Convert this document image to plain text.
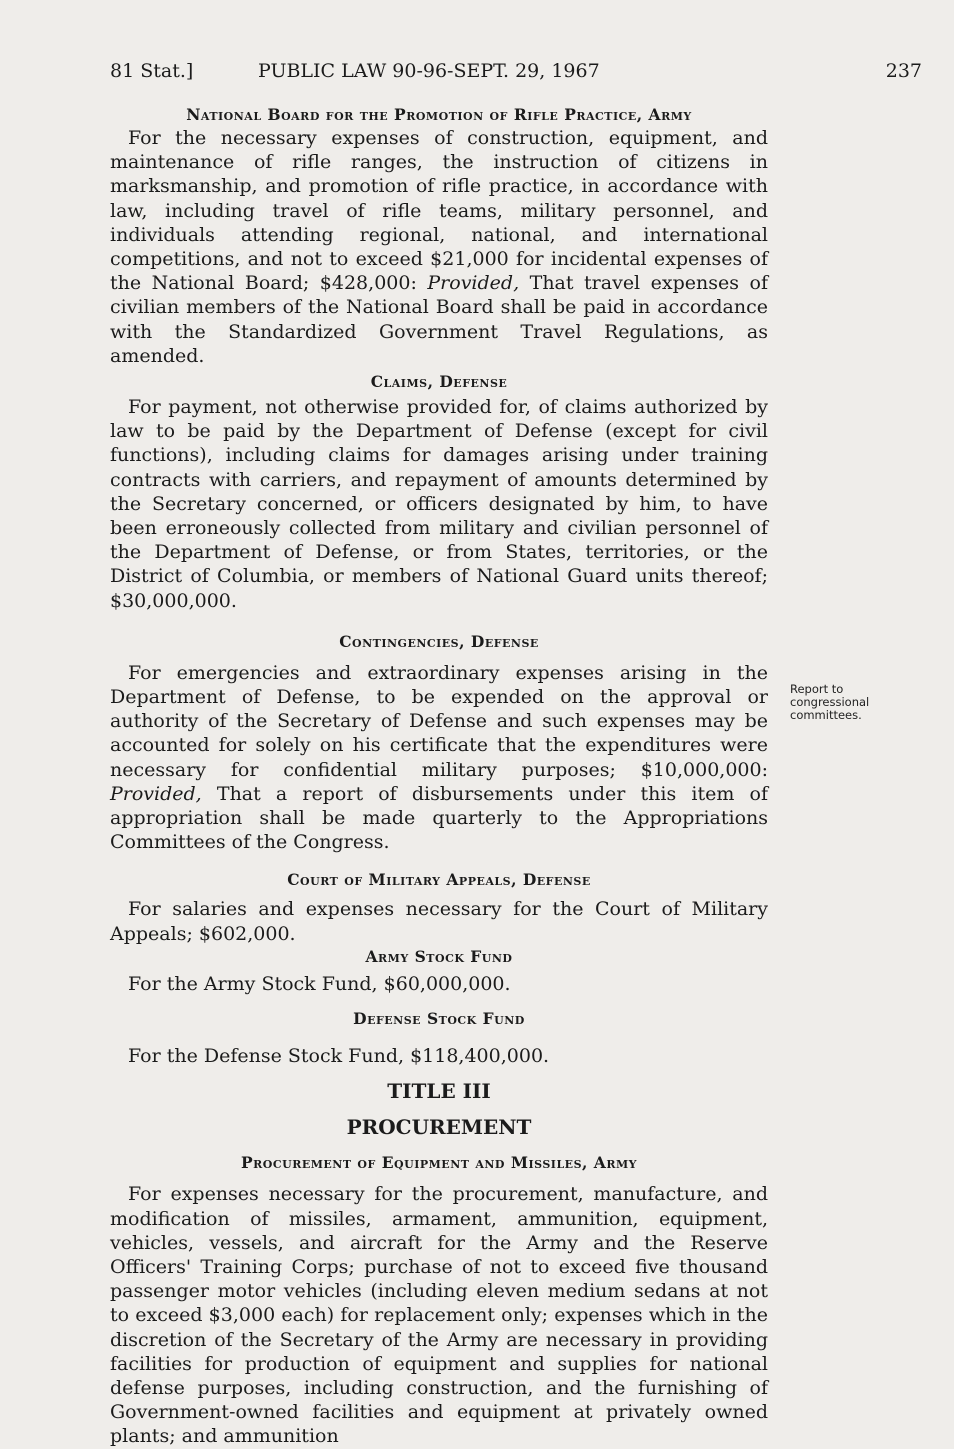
81 Stat.]	PUBLIC LAW 90-96-SEPT. 29, 1967	237
National Board for the Promotion of Rifle Practice, Army

For the necessary expenses of construction, equipment, and maintenance of rifle ranges, the instruction of citizens in marksmanship, and promotion of rifle practice, in accordance with law, including travel of rifle teams, military personnel, and individuals attending regional, national, and international competitions, and not to exceed $21,000 for incidental expenses of the National Board; $428,000: Provided, That travel expenses of civilian members of the National Board shall be paid in accordance with the Standardized Government Travel Regulations, as amended.

Claims, Defense

For payment, not otherwise provided for, of claims authorized by law to be paid by the Department of Defense (except for civil functions), including claims for damages arising under training contracts with carriers, and repayment of amounts determined by the Secretary concerned, or officers designated by him, to have been erroneously collected from military and civilian personnel of the Department of Defense, or from States, territories, or the District of Columbia, or members of National Guard units thereof; $30,000,000.

Contingencies, Defense

For emergencies and extraordinary expenses arising in the Department of Defense, to be expended on the approval or authority of the Secretary of Defense and such expenses may be accounted for solely on his certificate that the expenditures were necessary for confidential military purposes; $10,000,000: Provided, That a report of disbursements under this item of appropriation shall be made quarterly to the Appropriations Committees of the Congress.

Court of Military Appeals, Defense

For salaries and expenses necessary for the Court of Military Appeals; $602,000.

Army Stock Fund

For the Army Stock Fund, $60,000,000.

Defense Stock Fund

For the Defense Stock Fund, $118,400,000.

TITLE III
PROCUREMENT
Procurement of Equipment and Missiles, Army

For expenses necessary for the procurement, manufacture, and modification of missiles, armament, ammunition, equipment, vehicles, vessels, and aircraft for the Army and the Reserve Officers' Training Corps; purchase of not to exceed five thousand passenger motor vehicles (including eleven medium sedans at not to exceed $3,000 each) for replacement only; expenses which in the discretion of the Secretary of the Army are necessary in providing facilities for production of equipment and supplies for national defense purposes, including construction, and the furnishing of Government-owned facilities and equipment at privately owned plants; and ammunition

Report to congressional committees.
